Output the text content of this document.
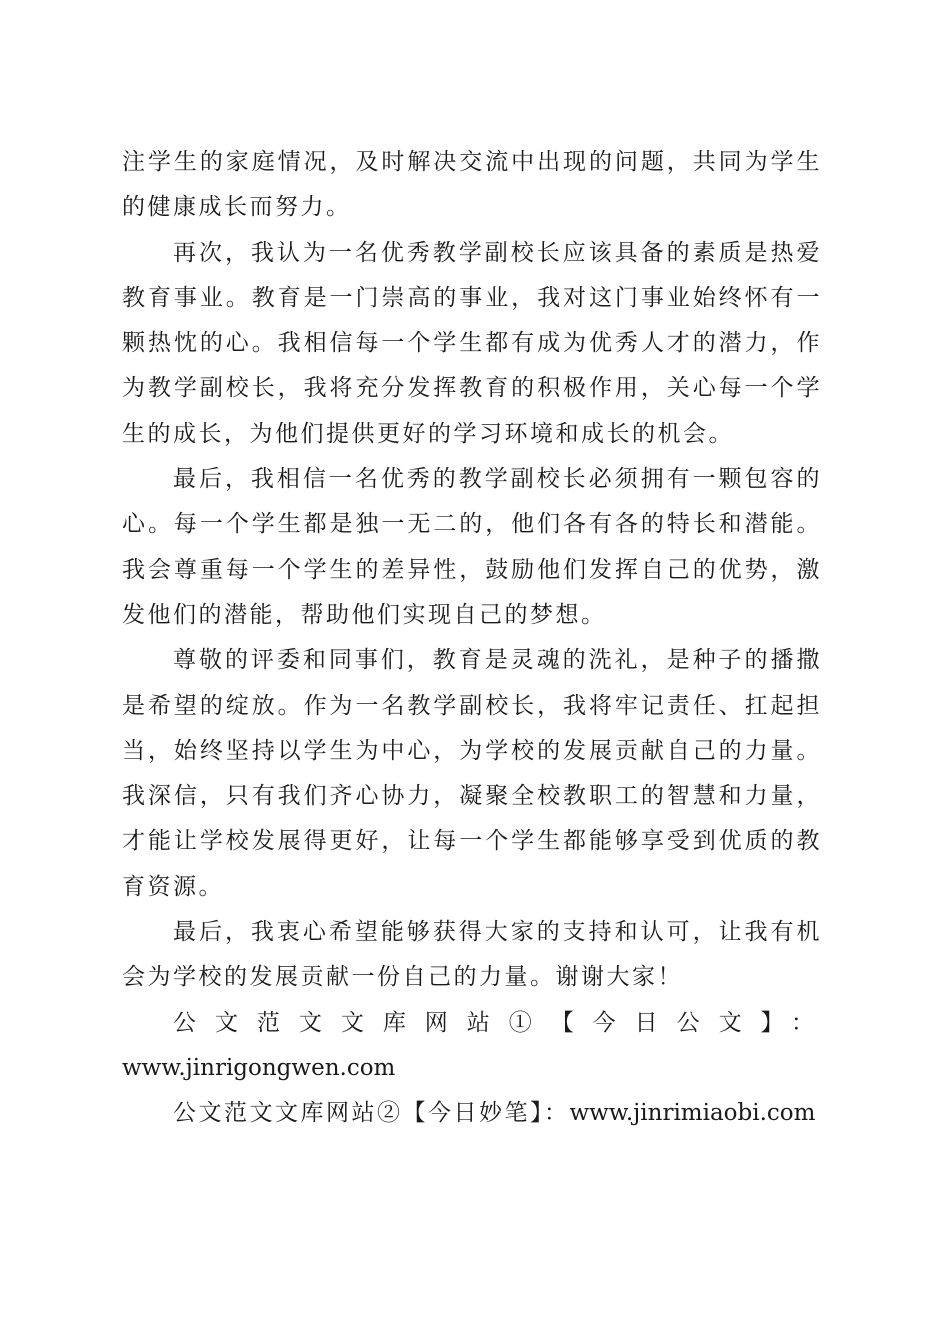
注学生的家庭情况，及时解决交流中出现的问题，共同为学生的健康成长而努力。

再次，我认为一名优秀教学副校长应该具备的素质是热爱教育事业。教育是一门崇高的事业，我对这门事业始终怀有一颗热忱的心。我相信每一个学生都有成为优秀人才的潜力，作为教学副校长，我将充分发挥教育的积极作用，关心每一个学生的成长，为他们提供更好的学习环境和成长的机会。

最后，我相信一名优秀的教学副校长必须拥有一颗包容的心。每一个学生都是独一无二的，他们各有各的特长和潜能。我会尊重每一个学生的差异性，鼓励他们发挥自己的优势，激发他们的潜能，帮助他们实现自己的梦想。

尊敬的评委和同事们，教育是灵魂的洗礼，是种子的播撒是希望的绽放。作为一名教学副校长，我将牢记责任、扛起担当，始终坚持以学生为中心，为学校的发展贡献自己的力量。我深信，只有我们齐心协力，凝聚全校教职工的智慧和力量，才能让学校发展得更好，让每一个学生都能够享受到优质的教育资源。

最后，我衷心希望能够获得大家的支持和认可，让我有机会为学校的发展贡献一份自己的力量。谢谢大家！

公文范文文库网站①【今日公文】：

www.jinrigongwen.com

公文范文文库网站②【今日妙笔】：www.jinrimiaobi.com
